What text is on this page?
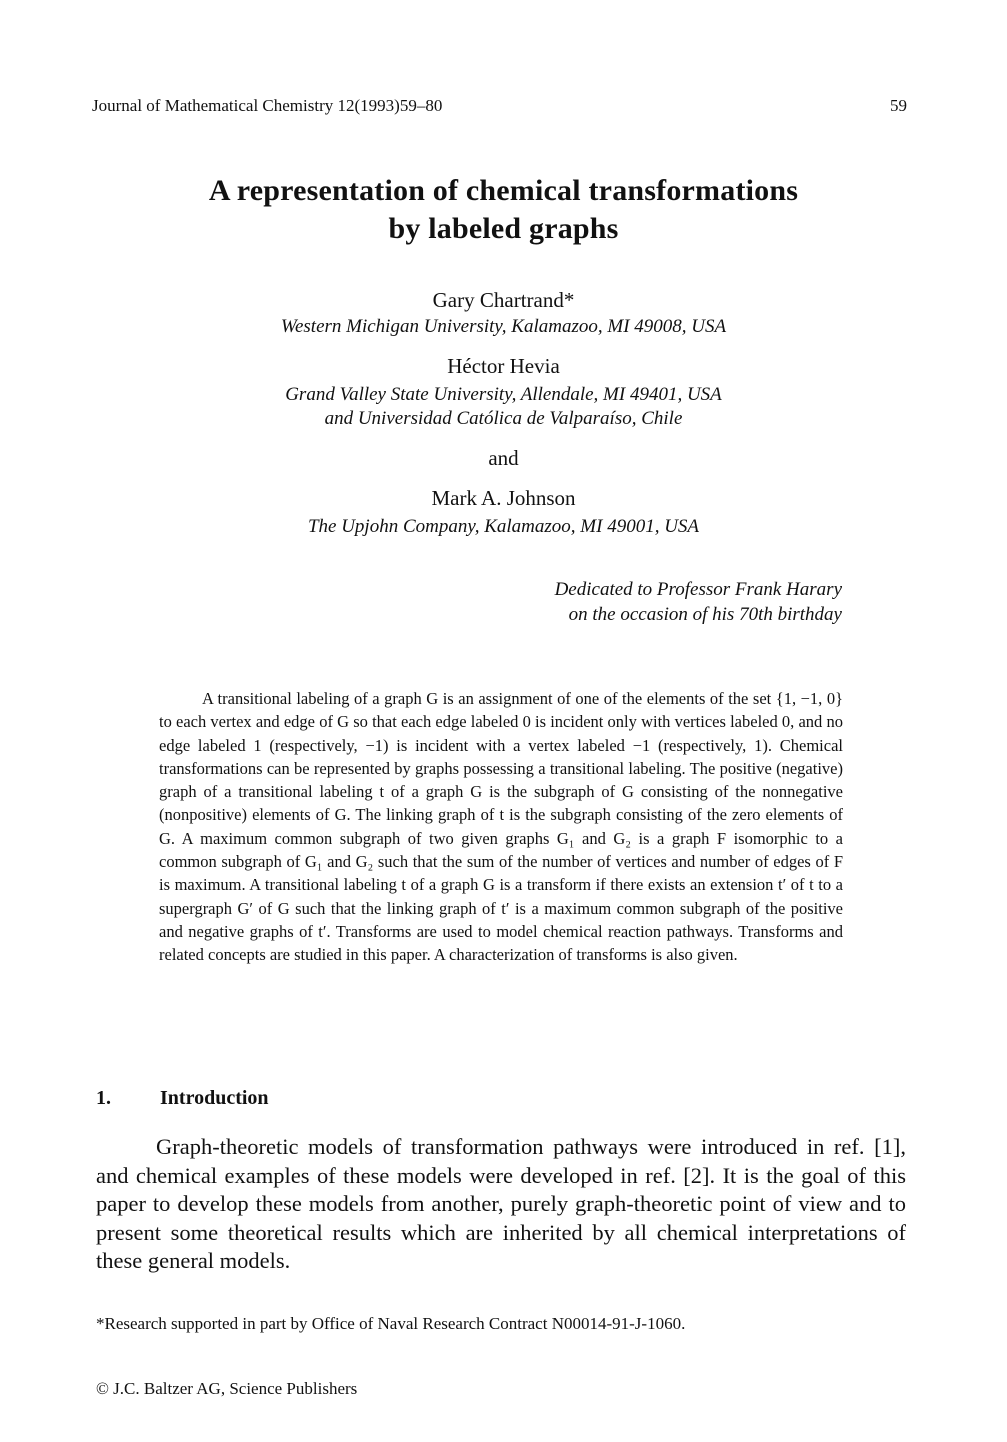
Journal of Mathematical Chemistry 12(1993)59–80	59
A representation of chemical transformations
by labeled graphs
Gary Chartrand*
Western Michigan University, Kalamazoo, MI 49008, USA
Héctor Hevia
Grand Valley State University, Allendale, MI 49401, USA
and Universidad Católica de Valparaíso, Chile
and
Mark A. Johnson
The Upjohn Company, Kalamazoo, MI 49001, USA
Dedicated to Professor Frank Harary
on the occasion of his 70th birthday
A transitional labeling of a graph G is an assignment of one of the elements of the set {1, −1, 0} to each vertex and edge of G so that each edge labeled 0 is incident only with vertices labeled 0, and no edge labeled 1 (respectively, −1) is incident with a vertex labeled −1 (respectively, 1). Chemical transformations can be represented by graphs possessing a transitional labeling. The positive (negative) graph of a transitional labeling t of a graph G is the subgraph of G consisting of the nonnegative (nonpositive) elements of G. The linking graph of t is the subgraph consisting of the zero elements of G. A maximum common subgraph of two given graphs G₁ and G₂ is a graph F isomorphic to a common subgraph of G₁ and G₂ such that the sum of the number of vertices and number of edges of F is maximum. A transitional labeling t of a graph G is a transform if there exists an extension t′ of t to a supergraph G′ of G such that the linking graph of t′ is a maximum common subgraph of the positive and negative graphs of t′. Transforms are used to model chemical reaction pathways. Transforms and related concepts are studied in this paper. A characterization of transforms is also given.
1. Introduction
Graph-theoretic models of transformation pathways were introduced in ref. [1], and chemical examples of these models were developed in ref. [2]. It is the goal of this paper to develop these models from another, purely graph-theoretic point of view and to present some theoretical results which are inherited by all chemical interpretations of these general models.
*Research supported in part by Office of Naval Research Contract N00014-91-J-1060.
© J.C. Baltzer AG, Science Publishers
